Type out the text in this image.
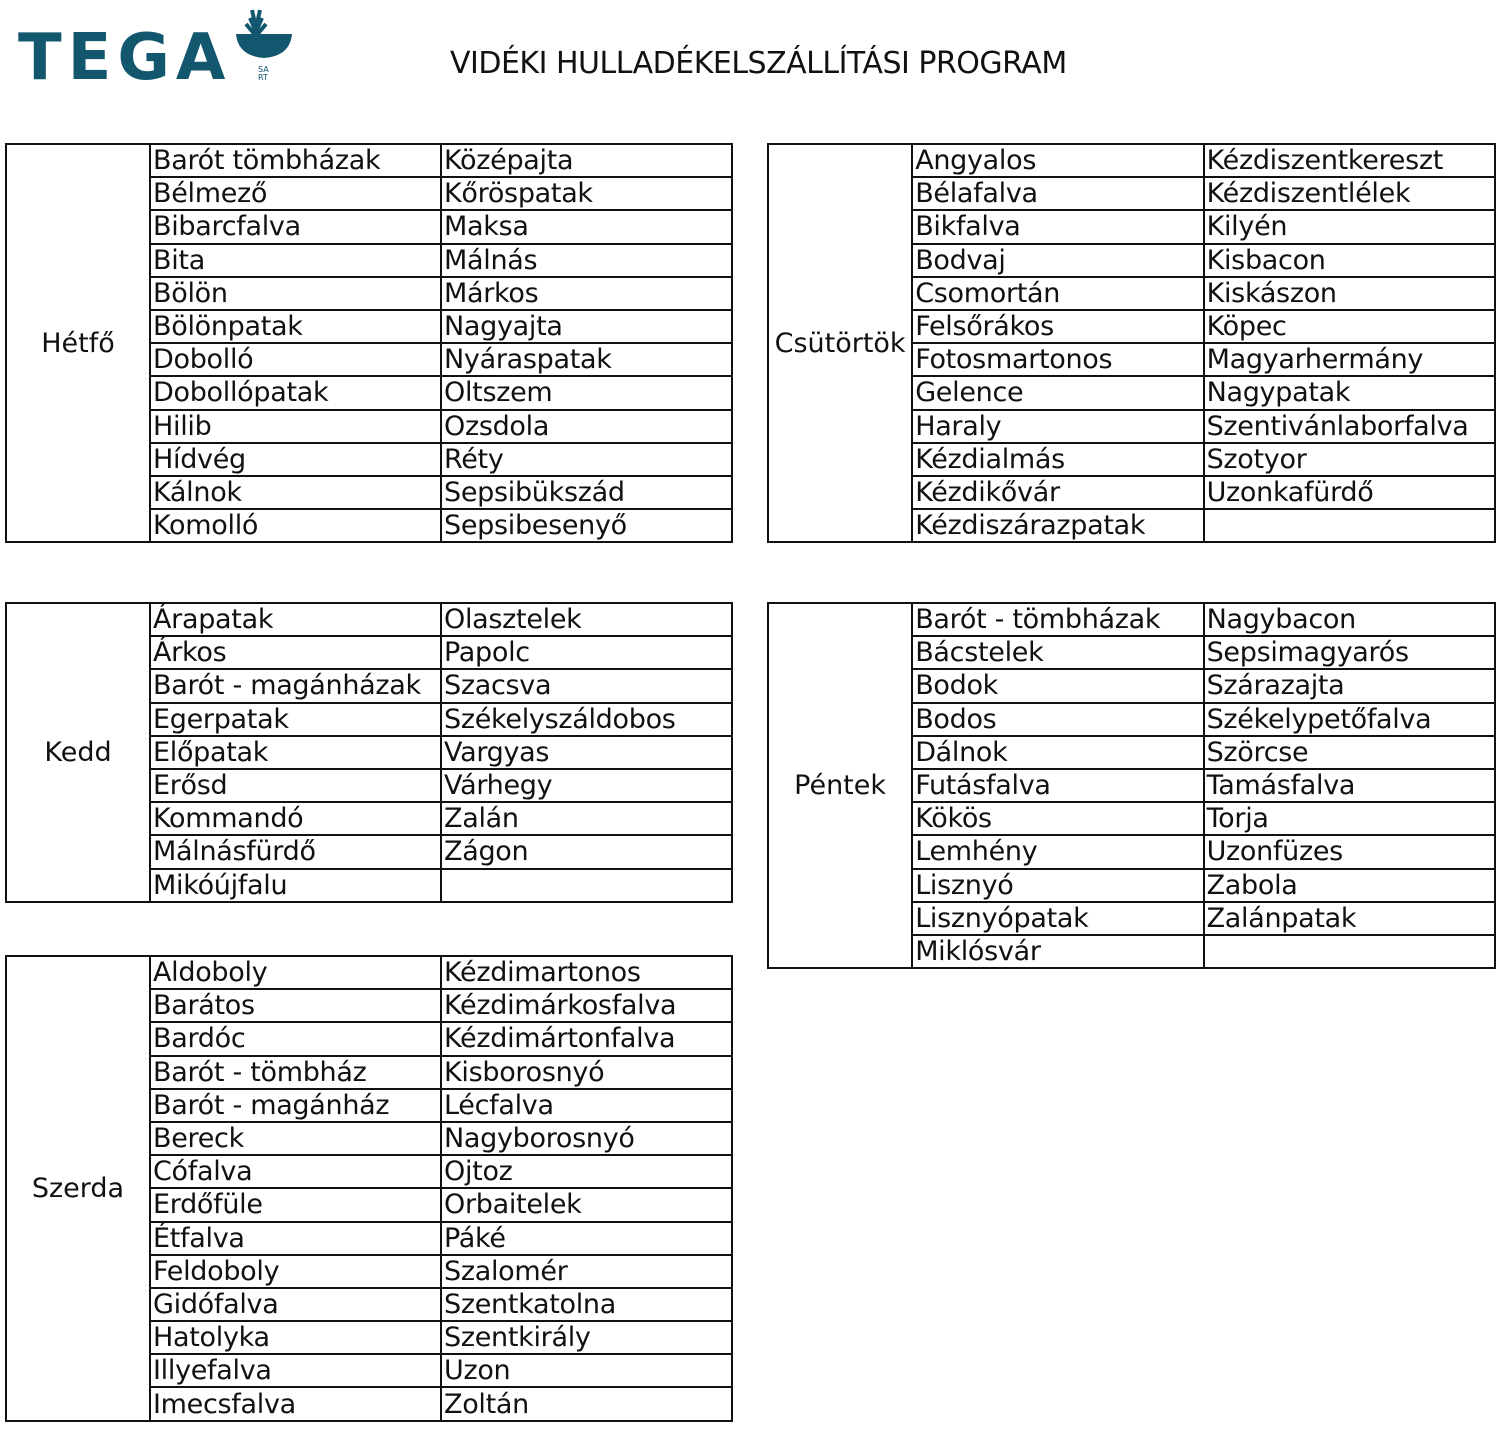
TEGA	SA RT	VIDÉKI HULLADÉKELSZÁLLÍTÁSI PROGRAM
Hétfő	Barót tömbházak	Középajta
	Bélmező	Kőröspatak
	Bibarcfalva	Maksa
	Bita	Málnás
	Bölön	Márkos
	Bölönpatak	Nagyajta
	Dobolló	Nyáraspatak
	Dobollópatak	Oltszem
	Hilib	Ozsdola
	Hídvég	Réty
	Kálnok	Sepsibükszád
	Komolló	Sepsibesenyő
Kedd	Árapatak	Olasztelek
	Árkos	Papolc
	Barót - magánházak	Szacsva
	Egerpatak	Székelyszáldobos
	Előpatak	Vargyas
	Erősd	Várhegy
	Kommandó	Zalán
	Málnásfürdő	Zágon
	Mikóújfalu	
Szerda	Aldoboly	Kézdimartonos
	Barátos	Kézdimárkosfalva
	Bardóc	Kézdimártonfalva
	Barót - tömbház	Kisborosnyó
	Barót - magánház	Lécfalva
	Bereck	Nagyborosnyó
	Cófalva	Ojtoz
	Erdőfüle	Orbaitelek
	Étfalva	Páké
	Feldoboly	Szalomér
	Gidófalva	Szentkatolna
	Hatolyka	Szentkirály
	Illyefalva	Uzon
	Imecsfalva	Zoltán
Csütörtök	Angyalos	Kézdiszentkereszt
	Bélafalva	Kézdiszentlélek
	Bikfalva	Kilyén
	Bodvaj	Kisbacon
	Csomortán	Kiskászon
	Felsőrákos	Köpec
	Fotosmartonos	Magyarhermány
	Gelence	Nagypatak
	Haraly	Szentivánlaborfalva
	Kézdialmás	Szotyor
	Kézdikővár	Uzonkafürdő
	Kézdiszárazpatak	
Péntek	Barót - tömbházak	Nagybacon
	Bácstelek	Sepsimagyarós
	Bodok	Szárazajta
	Bodos	Székelypetőfalva
	Dálnok	Szörcse
	Futásfalva	Tamásfalva
	Kökös	Torja
	Lemhény	Uzonfüzes
	Lisznyó	Zabola
	Lisznyópatak	Zalánpatak
	Miklósvár	
